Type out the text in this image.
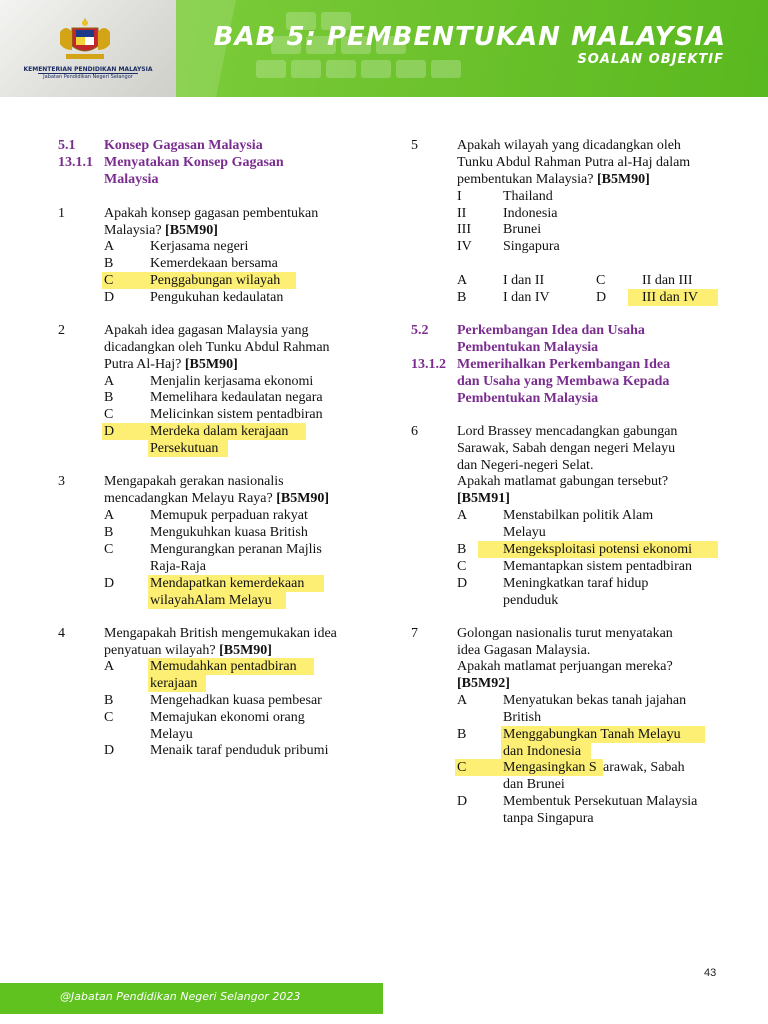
KEMENTERIAN PENDIDIKAN MALAYSIA
Jabatan Pendidikan Negeri Selangor
BAB 5: PEMBENTUKAN MALAYSIA
SOALAN OBJEKTIF
5.1 Konsep Gagasan Malaysia
13.1.1 Menyatakan Konsep Gagasan
Malaysia
1	Apakah konsep gagasan pembentukan
Malaysia? [B5M90]
A	Kerjasama negeri
B	Kemerdekaan bersama
C	Penggabungan wilayah

D	Pengukuhan kedaulatan
2	Apakah idea gagasan Malaysia yang
dicadangkan oleh Tunku Abdul Rahman
Putra Al-Haj? [B5M90]
A	Menjalin kerjasama ekonomi
B	Memelihara kedaulatan negara
C	Melicinkan sistem pentadbiran
D	Merdeka dalam kerajaan

Persekutuan

3	Mengapakah gerakan nasionalis
mencadangkan Melayu Raya? [B5M90]
A	Memupuk perpaduan rakyat
B	Mengukuhkan kuasa British
C	Mengurangkan peranan Majlis
Raja-Raja
D	Mendapatkan kemerdekaan

wilayahAlam Melayu

4	Mengapakah British mengemukakan idea
penyatuan wilayah? [B5M90]
A	Memudahkan pentadbiran

kerajaan

B	Mengehadkan kuasa pembesar
C	Memajukan ekonomi orang
Melayu
D	Menaik taraf penduduk pribumi
5	Apakah wilayah yang dicadangkan oleh
Tunku Abdul Rahman Putra al-Haj dalam
pembentukan Malaysia? [B5M90]
I	Thailand
II	Indonesia
III Brunei
IV Singapura
A	I dan II	C	II dan III
B	I dan IV	D	III dan IV

5.2 Perkembangan Idea dan Usaha
Pembentukan Malaysia
13.1.2 Memerihalkan Perkembangan Idea
dan Usaha yang Membawa Kepada
Pembentukan Malaysia
6	Lord Brassey mencadangkan gabungan
Sarawak, Sabah dengan negeri Melayu
dan Negeri-negeri Selat.
Apakah matlamat gabungan tersebut?
[B5M91]
A	Menstabilkan politik Alam
Melayu
B	Mengeksploitasi potensi ekonomi

C	Memantapkan sistem pentadbiran
D	Meningkatkan taraf hidup
penduduk
7	Golongan nasionalis turut menyatakan
idea Gagasan Malaysia.
Apakah matlamat perjuangan mereka?
[B5M92]
A	Menyatukan bekas tanah jajahan
British
B	Menggabungkan Tanah Melayu

dan Indonesia

C	Mengasingkan S
arawak, Sabah
dan Brunei
D	Membentuk Persekutuan Malaysia
tanpa Singapura
43
@Jabatan Pendidikan Negeri Selangor 2023
